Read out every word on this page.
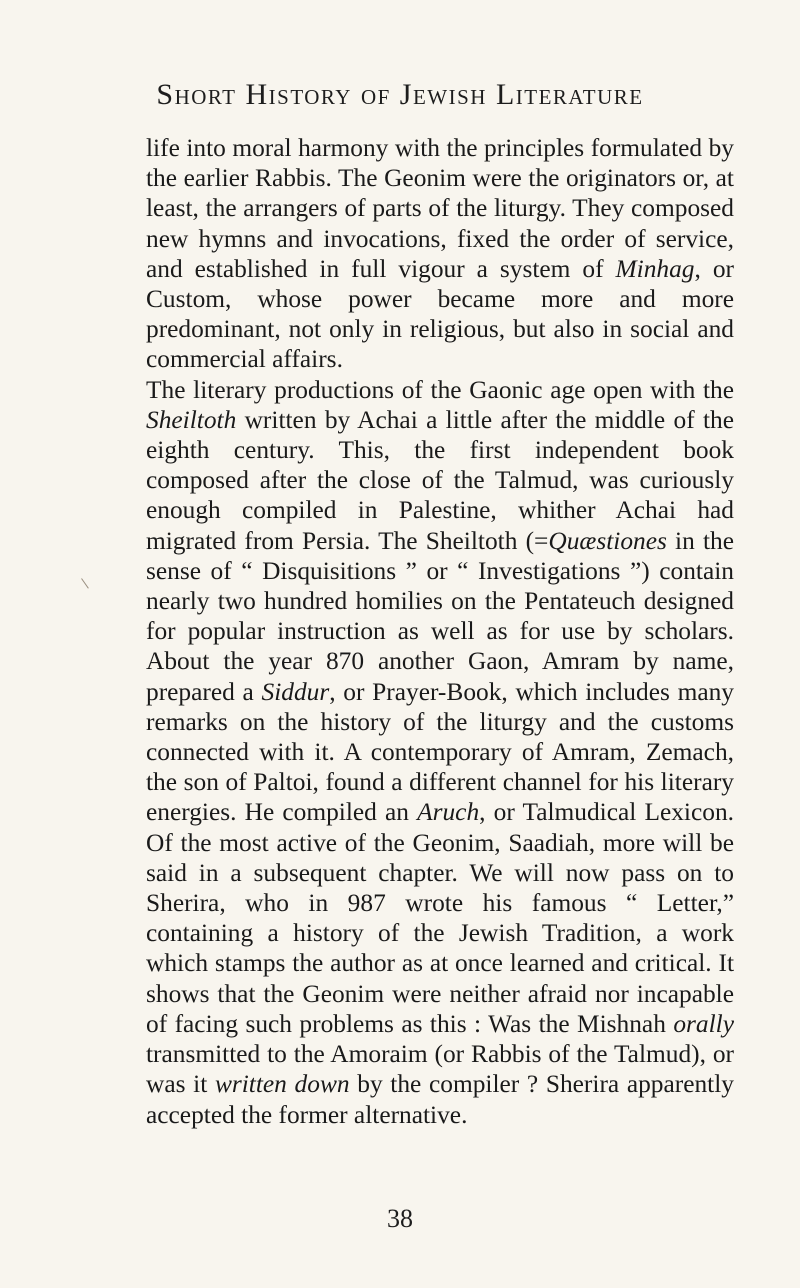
Short History of Jewish Literature

life into moral harmony with the principles formulated by the earlier Rabbis. The Geonim were the originators or, at least, the arrangers of parts of the liturgy. They composed new hymns and invocations, fixed the order of service, and established in full vigour a system of Minhag, or Custom, whose power became more and more predominant, not only in religious, but also in social and commercial affairs.

The literary productions of the Gaonic age open with the Sheiltoth written by Achai a little after the middle of the eighth century. This, the first independent book composed after the close of the Talmud, was curiously enough compiled in Palestine, whither Achai had migrated from Persia. The Sheiltoth (=Quæstiones in the sense of “ Disquisitions ” or “ Investigations ”) contain nearly two hundred homilies on the Pentateuch designed for popular instruction as well as for use by scholars. About the year 870 another Gaon, Amram by name, prepared a Siddur, or Prayer-Book, which includes many remarks on the history of the liturgy and the customs connected with it. A contemporary of Amram, Zemach, the son of Paltoi, found a different channel for his literary energies. He compiled an Aruch, or Talmudical Lexicon. Of the most active of the Geonim, Saadiah, more will be said in a subsequent chapter. We will now pass on to Sherira, who in 987 wrote his famous “ Letter,” containing a history of the Jewish Tradition, a work which stamps the author as at once learned and critical. It shows that the Geonim were neither afraid nor incapable of facing such problems as this : Was the Mishnah orally transmitted to the Amoraim (or Rabbis of the Talmud), or was it written down by the compiler ? Sherira apparently accepted the former alternative.

38
